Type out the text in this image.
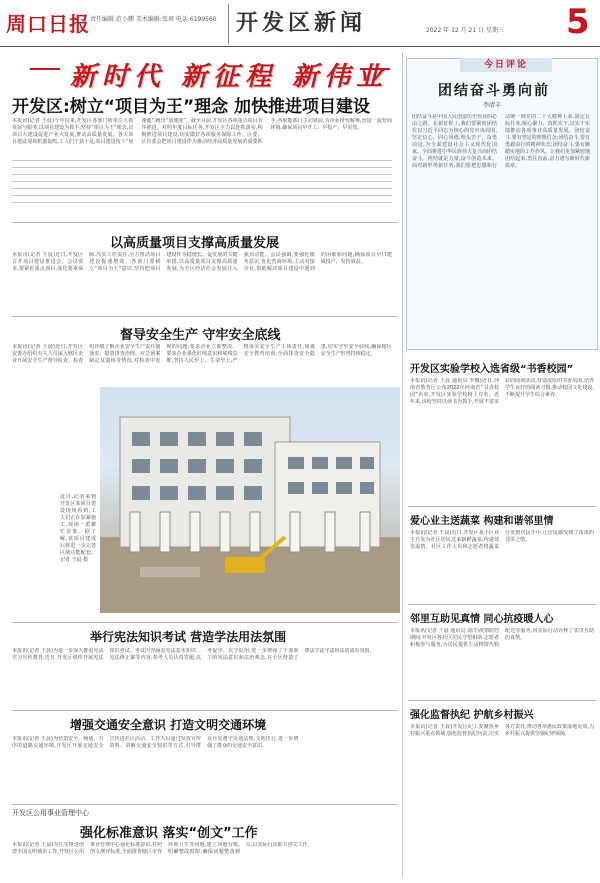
周口日报 责任编辑:范小鹏 美术编辑:张爽 电话:6199560 开发区新闻	2022 年 12 月 21 日 星期三 5
新时代 新征程 新伟业
开发区:树立“项目为王”理念 加快推进项目建设
本报讯(记者 王晨)今年以来,开发区各部门和单位大抓发展与服务,以项目建设为抓手,坚持“项目为王”理念,以项目大建设促进产业大发展,推动高质量发展。各大项目建设现场机器轰鸣,工人们干劲十足,项目建设按下“加速键”,跑出“加速度”。截至目前,开发区各项重点项目有序推进。对照年度目标任务,开发区全力以赴抓落实,积极推进项目建设,切实做好各项服务保障工作。区委、区管委会把项目建设作为推动经济高质量发展的重要抓手,各职能部门主动靠前,为企业排忧解难,营造一流营商环境,确保项目早开工、早投产、早见效。
以高质量项目支撑高质量发展
本报讯(记者 王晨)近日,开发区召开项目建设推进会。会议要求,要紧盯重点项目,强化要素保障,压实工作责任,全力推动项目建设提速增效。各部门要树立“项目为王”意识,坚持把项目建设作为稳增长、促发展的关键举措,以高质量项目支撑高质量发展,为全区经济社会发展注入强劲动能。会议强调,要强化服务意识,优化营商环境,主动对接企业,帮助解决项目建设中遇到的困难和问题,确保项目早日建成投产、发挥效益。
督导安全生产 守牢安全底线
本报讯(记者 王晨)近日,开发区安委办组织有关人员深入辖区企业开展安全生产督导检查。检查组详细了解企业安全生产责任制落实、隐患排查治理、应急预案制定及演练等情况,对检查中发现的问题,要求企业立即整改。要求企业强化红线意识和底线思维,坚持人民至上、生命至上,严格落实安全生产主体责任,加强安全教育培训,全面排查安全隐患,切实守牢安全底线,确保辖区安全生产形势持续稳定。
近日,记者来到开发区某项目建设现场看到,工人们正在加紧施工,现场一派繁忙景象。据了解,该项目建成后将进一步完善区域功能配套。记者 王晨 摄
今日评论
团结奋斗勇向前
李清丰
团结奋斗是中国人民创造历史伟业的必由之路。在新征程上,我们要紧密团结在以习近平同志为核心的党中央周围,坚定信心、同心同德,埋头苦干、奋勇前进,为全面建设社会主义现代化国家、全面推进中华民族伟大复兴而团结奋斗。团结就是力量,奋斗创造未来。面对新形势新任务,我们要把思想和行动统一到党的二十大精神上来,锚定目标任务,凝心聚力、真抓实干,以实干实绩推动各项事业高质量发展。团结奋斗,要有坚定的理想信念;团结奋斗,要有勇毅前行的精神状态;团结奋斗,要有脚踏实地的工作作风。让我们更加紧密地团结起来,勇往直前,奋力谱写新时代新篇章。
开发区实验学校入选省级“书香校园”
本报讯(记者 王晨 通讯员 李娜)近日,河南省教育厅公布2022年河南省“书香校园”名单,开发区实验学校榜上有名。近年来,该校坚持以读书为抓手,开展丰富多彩的阅读活动,营造浓厚的书香氛围,培养学生良好的阅读习惯,推动校园文化建设,不断提升学生综合素养。
爱心业主送蔬菜 构建和谐邻里情
本报讯(记者 王晨)近日,开发区某小区业主自发为社区居民送来新鲜蔬菜,传递邻里温情。社区工作人员和志愿者将蔬菜分发到居民手中,让居民感受到了浓浓的邻里之情。
邻里互助见真情 同心抗疫暖人心
本报讯(记者 王晨 通讯员 刘洋)疫情防控期间,开发区各社区居民守望相助,志愿者积极参与服务,为居民提供生活物资代购配送等服务,用实际行动诠释了邻里互助的真情。
强化监督执纪 护航乡村振兴
本报讯(记者 王晨)开发区纪工委聚焦乡村振兴重点领域,强化监督执纪问责,压实各方责任,推动各项惠民政策落地见效,为乡村振兴提供坚强纪律保障。
举行宪法知识考试 营造学法用法氛围
本报讯(记者 王晨)为进一步深入推进宪法学习宣传教育,近日,开发区组织开展宪法知识考试。考试内容涵盖宪法基本知识、宪法修正案等内容,参考人员认真答题,以考促学、以学促用,进一步增强了干部职工的宪法意识和法治观念,在全区营造了尊法学法守法用法的浓厚氛围。
增强交通安全意识 打造文明交通环境
本报讯(记者 王晨)为营造安全、畅通、有序的道路交通环境,开发区开展交通安全宣传进社区活动。工作人员通过发放宣传资料、讲解交通安全知识等方式,引导群众自觉遵守交通法规,文明出行,进一步增强了群众的交通安全意识。
开发区公用事业管理中心
强化标准意识 落实“创文”工作
本报讯(记者 王晨)为扎实推进创建全国文明城市工作,开发区公用事业管理中心强化标准意识,对照创文测评标准,全面排查辖区市容环境卫生等问题,建立问题台账,明确整改时限,确保问题整改到位,以实际行动助力创文工作。
